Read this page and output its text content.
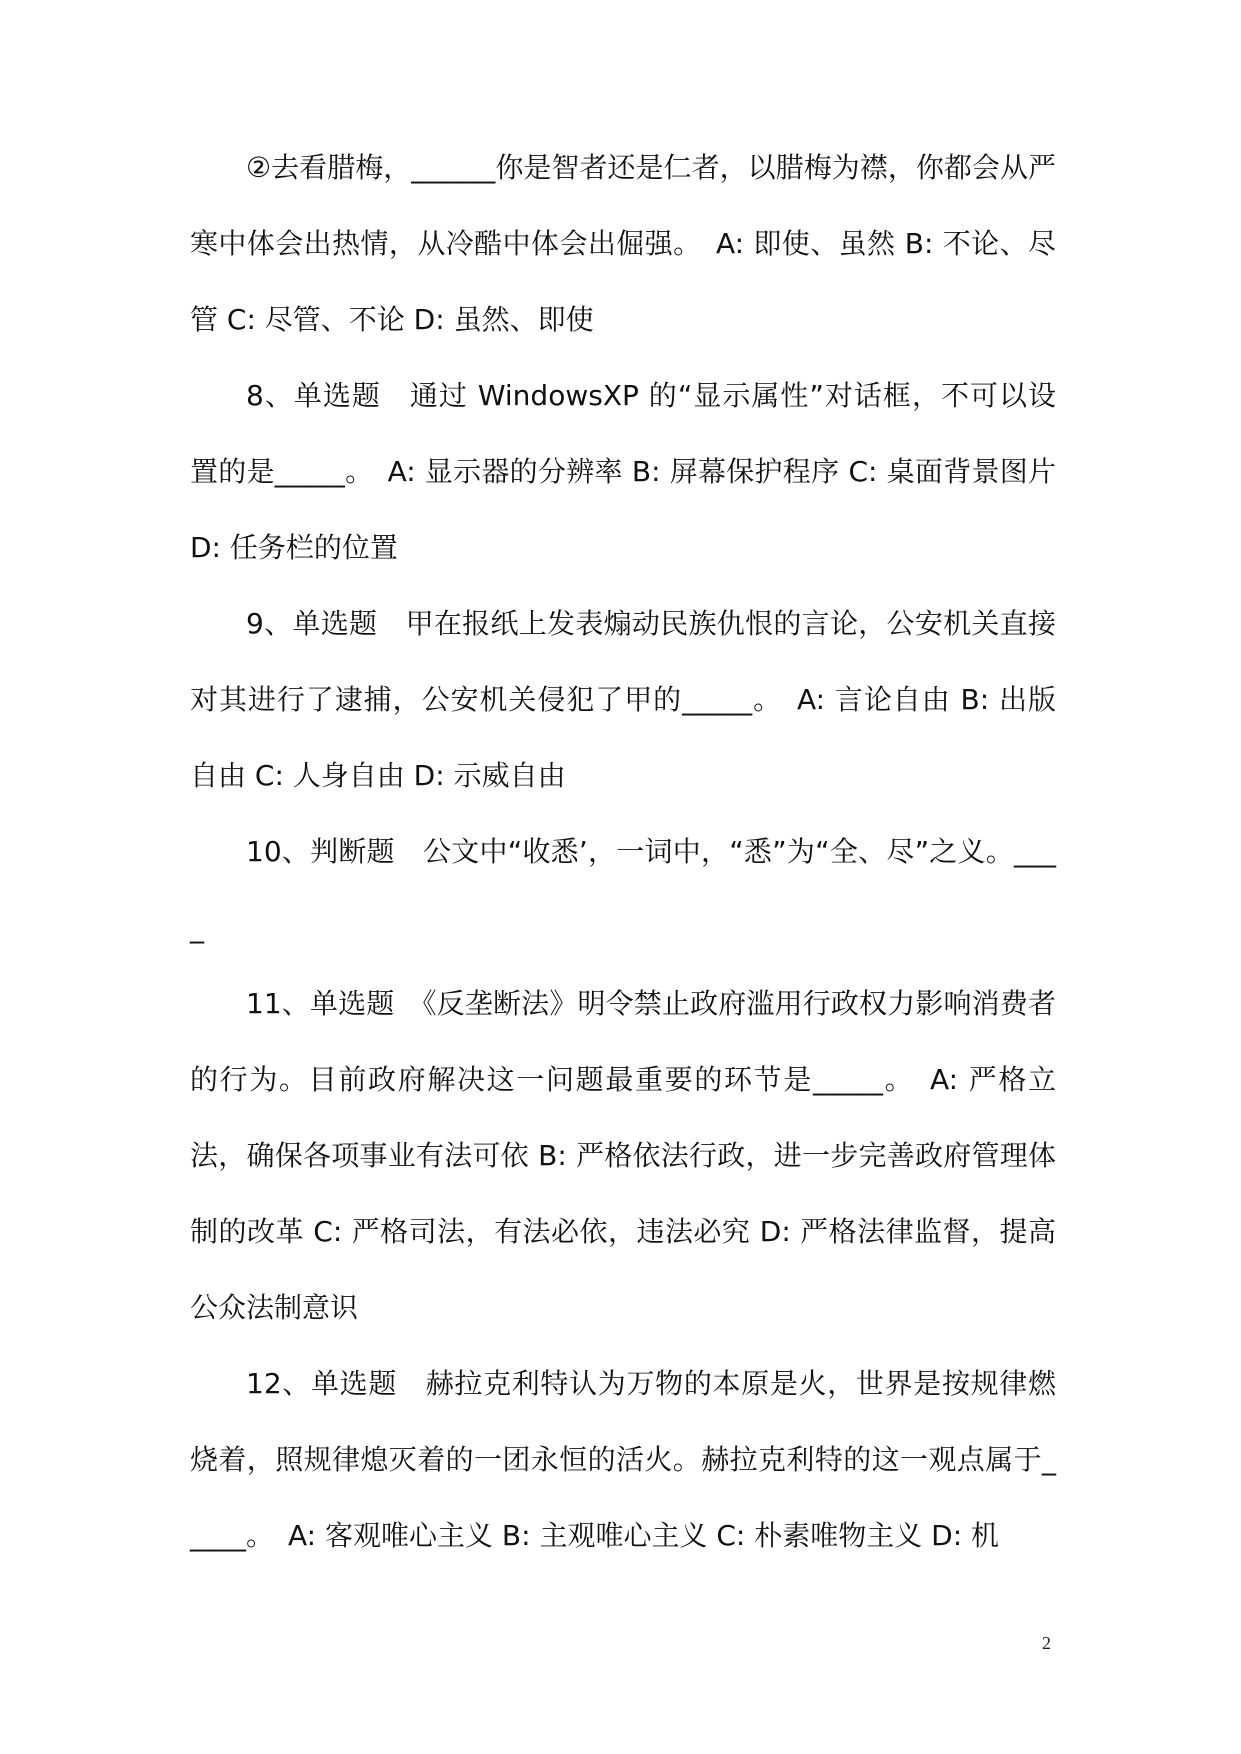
②去看腊梅，______你是智者还是仁者，以腊梅为襟，你都会从严寒中体会出热情，从冷酷中体会出倔强。　A: 即使、虽然 B: 不论、尽管 C: 尽管、不论 D: 虽然、即使

8、单选题　通过 WindowsXP 的“显示属性”对话框，不可以设置的是_____。　A: 显示器的分辨率 B: 屏幕保护程序 C: 桌面背景图片 D: 任务栏的位置

9、单选题　甲在报纸上发表煽动民族仇恨的言论，公安机关直接对其进行了逮捕，公安机关侵犯了甲的_____。　A: 言论自由 B: 出版自由 C: 人身自由 D: 示威自由

10、判断题　公文中“收悉’，一词中，“悉”为“全、尽”之义。____

11、单选题　《反垄断法》明令禁止政府滥用行政权力影响消费者的行为。目前政府解决这一问题最重要的环节是_____。　A: 严格立法，确保各项事业有法可依 B: 严格依法行政，进一步完善政府管理体制的改革 C: 严格司法，有法必依，违法必究 D: 严格法律监督，提高公众法制意识

12、单选题　赫拉克利特认为万物的本原是火，世界是按规律燃烧着，照规律熄灭着的一团永恒的活火。赫拉克利特的这一观点属于_____。　A: 客观唯心主义 B: 主观唯心主义 C: 朴素唯物主义 D: 机

2
